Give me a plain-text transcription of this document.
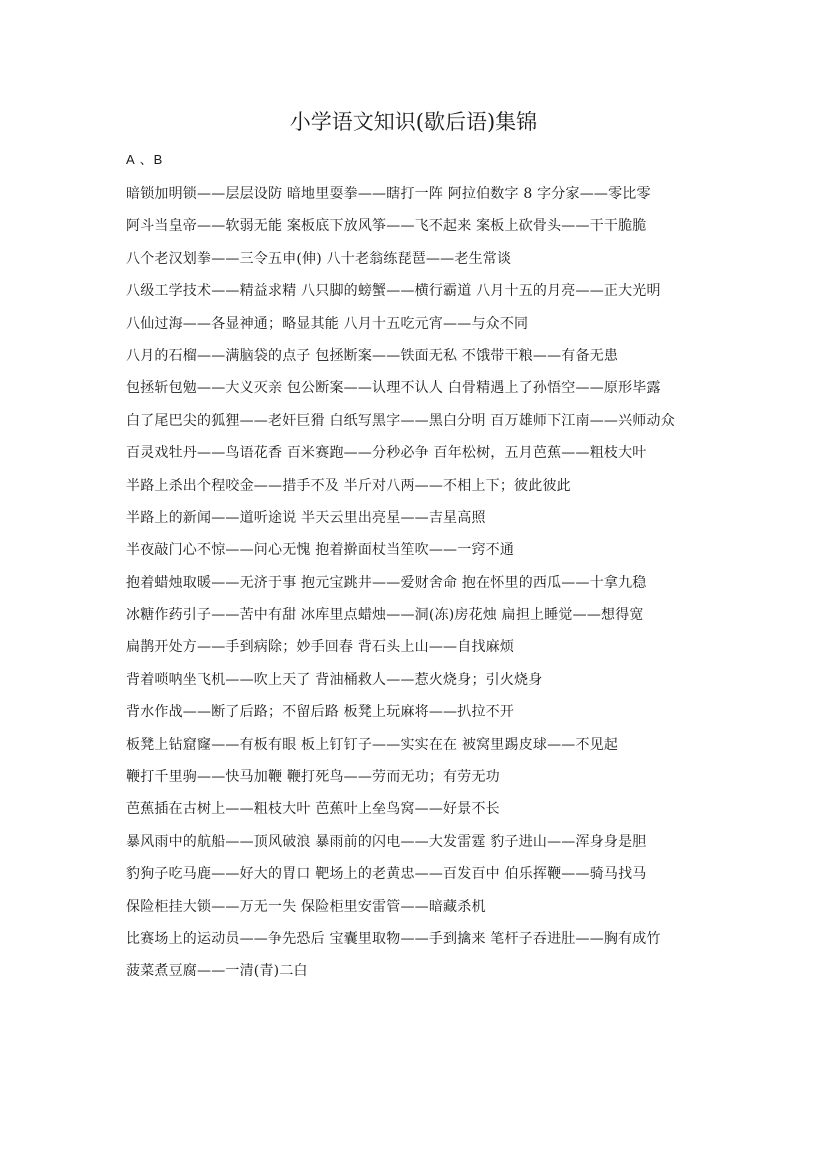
小学语文知识(歇后语)集锦
A 、B
暗锁加明锁——层层设防 暗地里耍拳——瞎打一阵 阿拉伯数字 8 字分家——零比零
阿斗当皇帝——软弱无能 案板底下放风筝——飞不起来 案板上砍骨头——干干脆脆
八个老汉划拳——三令五申(伸) 八十老翁练琵琶——老生常谈
八级工学技术——精益求精 八只脚的螃蟹——横行霸道 八月十五的月亮——正大光明
八仙过海——各显神通；略显其能 八月十五吃元宵——与众不同
八月的石榴——满脑袋的点子 包拯断案——铁面无私 不饿带干粮——有备无患
包拯斩包勉——大义灭亲 包公断案——认理不认人 白骨精遇上了孙悟空——原形毕露
白了尾巴尖的狐狸——老奸巨猾 白纸写黑字——黑白分明 百万雄师下江南——兴师动众
百灵戏牡丹——鸟语花香 百米赛跑——分秒必争 百年松树，五月芭蕉——粗枝大叶
半路上杀出个程咬金——措手不及 半斤对八两——不相上下；彼此彼此
半路上的新闻——道听途说 半天云里出亮星——吉星高照
半夜敲门心不惊——问心无愧 抱着擀面杖当笙吹——一窍不通
抱着蜡烛取暖——无济于事 抱元宝跳井——爱财舍命 抱在怀里的西瓜——十拿九稳
冰糖作药引子——苦中有甜 冰库里点蜡烛——洞(冻)房花烛 扁担上睡觉——想得宽
扁鹊开处方——手到病除；妙手回春 背石头上山——自找麻烦
背着唢呐坐飞机——吹上天了 背油桶救人——惹火烧身；引火烧身
背水作战——断了后路；不留后路 板凳上玩麻将——扒拉不开
板凳上钻窟窿——有板有眼 板上钉钉子——实实在在 被窝里踢皮球——不见起
鞭打千里驹——快马加鞭 鞭打死鸟——劳而无功；有劳无功
芭蕉插在古树上——粗枝大叶 芭蕉叶上垒鸟窝——好景不长
暴风雨中的航船——顶风破浪 暴雨前的闪电——大发雷霆 豹子进山——浑身身是胆
豹狗子吃马鹿——好大的胃口 靶场上的老黄忠——百发百中 伯乐挥鞭——骑马找马
保险柜挂大锁——万无一失 保险柜里安雷管——暗藏杀机
比赛场上的运动员——争先恐后 宝囊里取物——手到擒来 笔杆子吞进肚——胸有成竹
菠菜煮豆腐——一清(青)二白
